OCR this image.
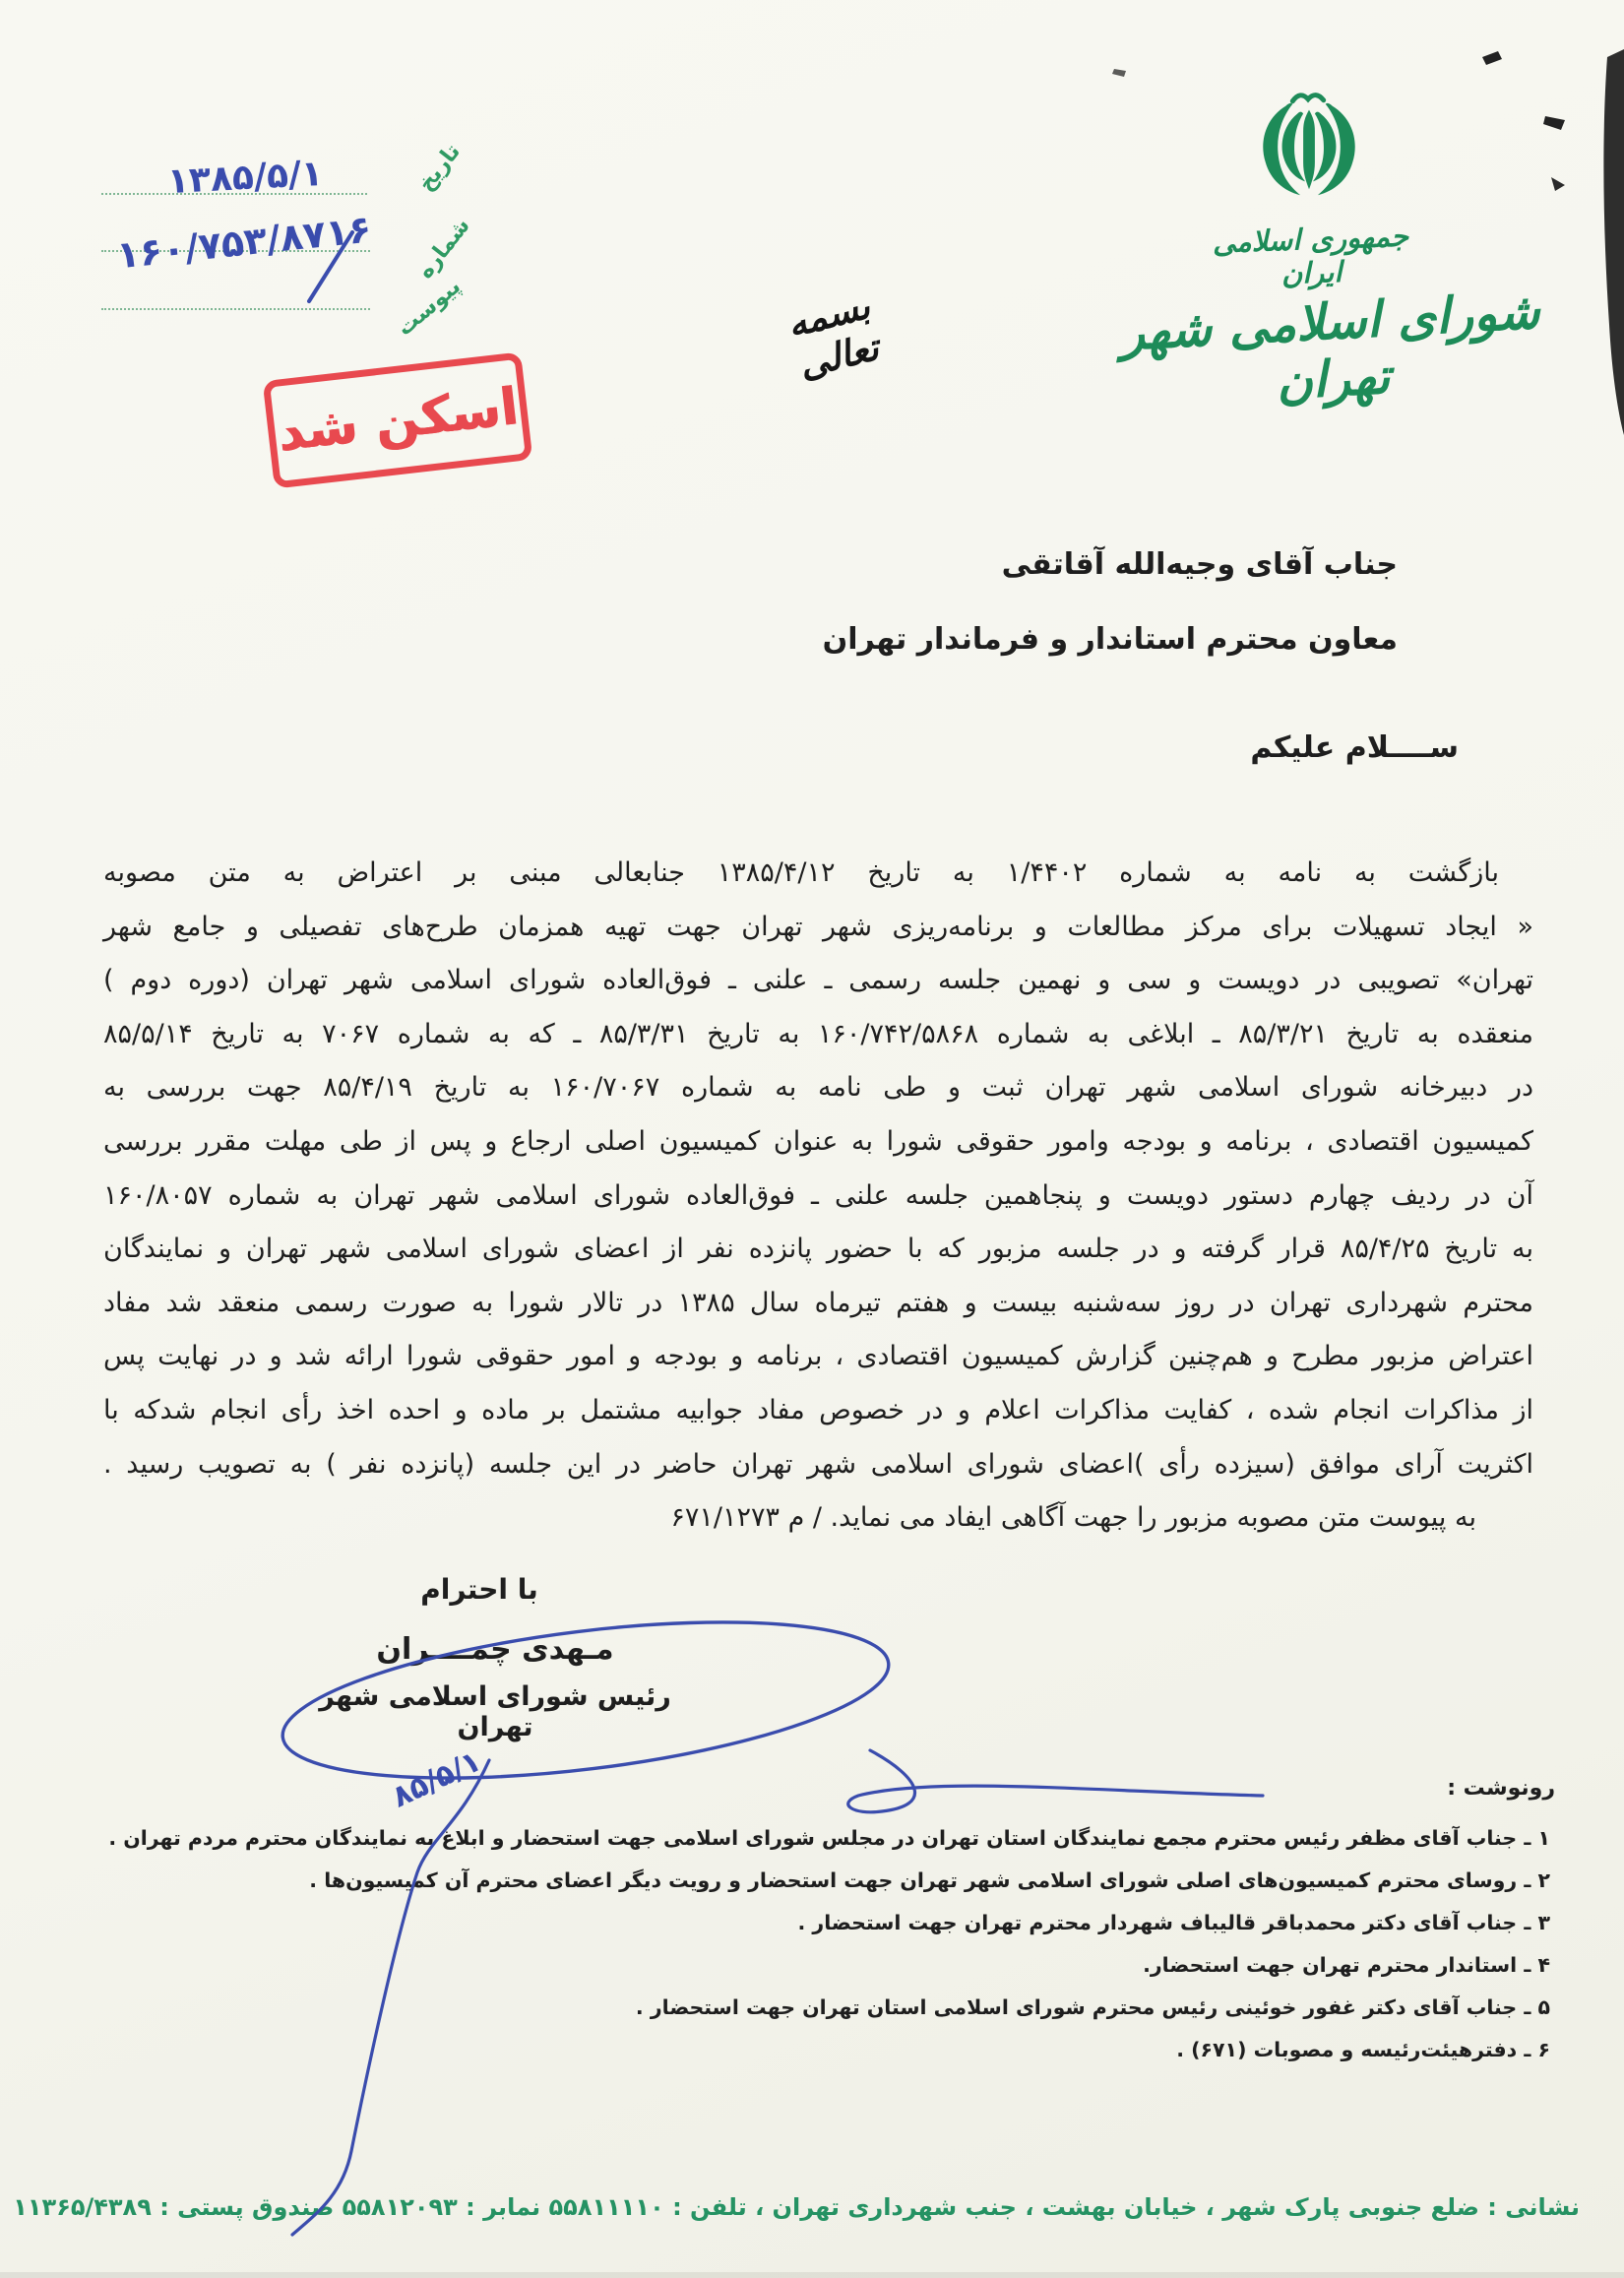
جمهوری اسلامی ایران
شورای اسلامی شهر تهران
بسمه تعالی
تاریخ
شماره
پیوست
۱۳۸۵/۵/۱
۱۶۰/۷۵۳/۸۷۱۶
اسکن شد
جناب آقای وجیه‌الله آقاتقی
معاون محترم استاندار و فرماندار تهران
ســــلام علیکم
بازگشت به نامه به شماره ۱/۴۴۰۲ به تاریخ ۱۳۸۵/۴/۱۲ جنابعالی مبنی بر اعتراض به متن مصوبه
« ایجاد تسهیلات برای مرکز مطالعات و برنامه‌ریزی شهر تهران جهت تهیه همزمان طرح‌های تفصیلی و جامع شهر
تهران» تصویبی در دویست و سی و نهمین جلسه رسمی ـ علنی ـ فوق‌العاده شورای اسلامی شهر تهران (دوره دوم )
منعقده به تاریخ ۸۵/۳/۲۱ ـ ابلاغی به شماره ۱۶۰/۷۴۲/۵۸۶۸ به تاریخ ۸۵/۳/۳۱ ـ که به شماره ۷۰۶۷ به تاریخ ۸۵/۵/۱۴
در دبیرخانه شورای اسلامی شهر تهران ثبت و طی نامه به شماره ۱۶۰/۷۰۶۷ به تاریخ ۸۵/۴/۱۹ جهت بررسی به
کمیسیون اقتصادی ، برنامه و بودجه وامور حقوقی شورا به عنوان کمیسیون اصلی ارجاع و پس از طی مهلت مقرر بررسی
آن در ردیف چهارم دستور دویست و پنجاهمین جلسه علنی ـ فوق‌العاده شورای اسلامی شهر تهران به شماره ۱۶۰/۸۰۵۷
به تاریخ ۸۵/۴/۲۵ قرار گرفته و در جلسه مزبور که با حضور پانزده نفر از اعضای شورای اسلامی شهر تهران و نمایندگان
محترم شهرداری تهران در روز سه‌شنبه بیست و هفتم تیرماه سال ۱۳۸۵ در تالار شورا به صورت رسمی منعقد شد مفاد
اعتراض مزبور مطرح و هم‌چنین گزارش کمیسیون اقتصادی ، برنامه و بودجه و امور حقوقی شورا ارائه شد و در نهایت پس
از مذاکرات انجام شده ، کفایت مذاکرات اعلام و در خصوص مفاد جوابیه مشتمل بر ماده و احده اخذ رأی انجام شدکه با
اکثریت آرای موافق (سیزده رأی )اعضای شورای اسلامی شهر تهران حاضر در این جلسه (پانزده نفر ) به تصویب رسید .
به پیوست متن مصوبه مزبور را جهت آگاهی ایفاد می نماید. / م ۶۷۱/۱۲۷۳
با احترام
مـهدی چمــــران
رئیس شورای اسلامی شهر تهران
۸۵/۵/۱	رونوشت :
۱ ـ جناب آقای مظفر رئیس محترم مجمع نمایندگان استان تهران در مجلس شورای اسلامی جهت استحضار و ابلاغ به نمایندگان محترم مردم تهران .
۲ ـ روسای محترم کمیسیون‌های اصلی شورای اسلامی شهر تهران جهت استحضار و رویت دیگر اعضای محترم آن کمیسیون‌ها .
۳ ـ جناب آقای دکتر محمدباقر قالیباف شهردار محترم تهران جهت استحضار .
۴ ـ استاندار محترم تهران جهت استحضار.
۵ ـ جناب آقای دکتر غفور خوئینی رئیس محترم شورای اسلامی استان تهران جهت استحضار .
۶ ـ دفترهیئت‌رئیسه و مصوبات (۶۷۱) .
نشانی : ضلع جنوبی پارک شهر ، خیابان بهشت ، جنب شهرداری تهران ، تلفن : ۵۵۸۱۱۱۱۰ نمابر : ۵۵۸۱۲۰۹۳ صندوق پستی : ۱۱۳۶۵/۴۳۸۹
